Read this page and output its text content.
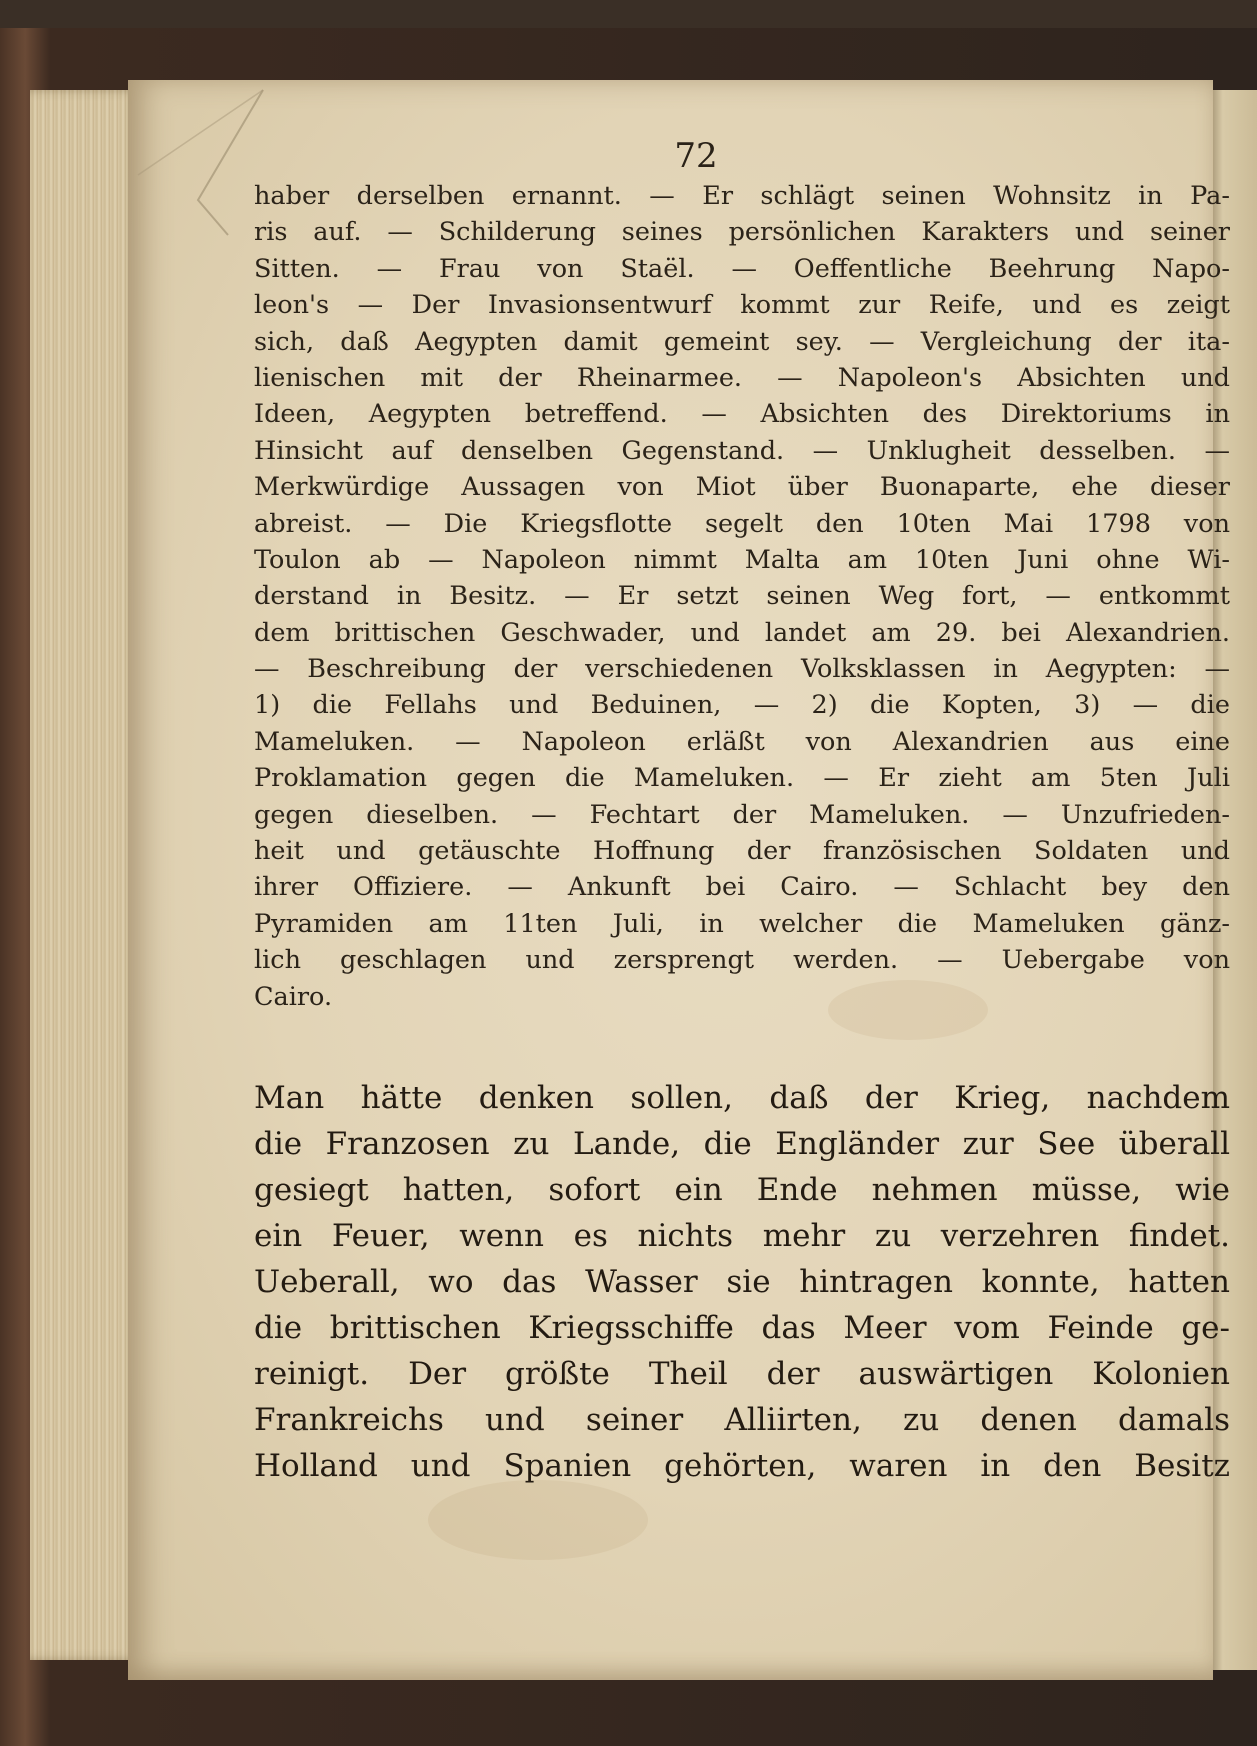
72
haber derselben ernannt. — Er schlägt seinen Wohnsitz in Pa-
ris auf. — Schilderung seines persönlichen Karakters und seiner
Sitten. — Frau von Staël. — Oeffentliche Beehrung Napo-
leon's — Der Invasionsentwurf kommt zur Reife, und es zeigt
sich, daß Aegypten damit gemeint sey. — Vergleichung der ita-
lienischen mit der Rheinarmee. — Napoleon's Absichten und
Ideen, Aegypten betreffend. — Absichten des Direktoriums in
Hinsicht auf denselben Gegenstand. — Unklugheit desselben. —
Merkwürdige Aussagen von Miot über Buonaparte, ehe dieser
abreist. — Die Kriegsflotte segelt den 10ten Mai 1798 von
Toulon ab — Napoleon nimmt Malta am 10ten Juni ohne Wi-
derstand in Besitz. — Er setzt seinen Weg fort, — entkommt
dem brittischen Geschwader, und landet am 29. bei Alexandrien.
— Beschreibung der verschiedenen Volksklassen in Aegypten: —
1) die Fellahs und Beduinen, — 2) die Kopten, 3) — die
Mameluken. — Napoleon erläßt von Alexandrien aus eine
Proklamation gegen die Mameluken. — Er zieht am 5ten Juli
gegen dieselben. — Fechtart der Mameluken. — Unzufrieden-
heit und getäuschte Hoffnung der französischen Soldaten und
ihrer Offiziere. — Ankunft bei Cairo. — Schlacht bey den
Pyramiden am 11ten Juli, in welcher die Mameluken gänz-
lich geschlagen und zersprengt werden. — Uebergabe von
Cairo.
Man hätte denken sollen, daß der Krieg, nachdem
die Franzosen zu Lande, die Engländer zur See überall
gesiegt hatten, sofort ein Ende nehmen müsse, wie
ein Feuer, wenn es nichts mehr zu verzehren findet.
Ueberall, wo das Wasser sie hintragen konnte, hatten
die brittischen Kriegsschiffe das Meer vom Feinde ge-
reinigt. Der größte Theil der auswärtigen Kolonien
Frankreichs und seiner Alliirten, zu denen damals
Holland und Spanien gehörten, waren in den Besitz
